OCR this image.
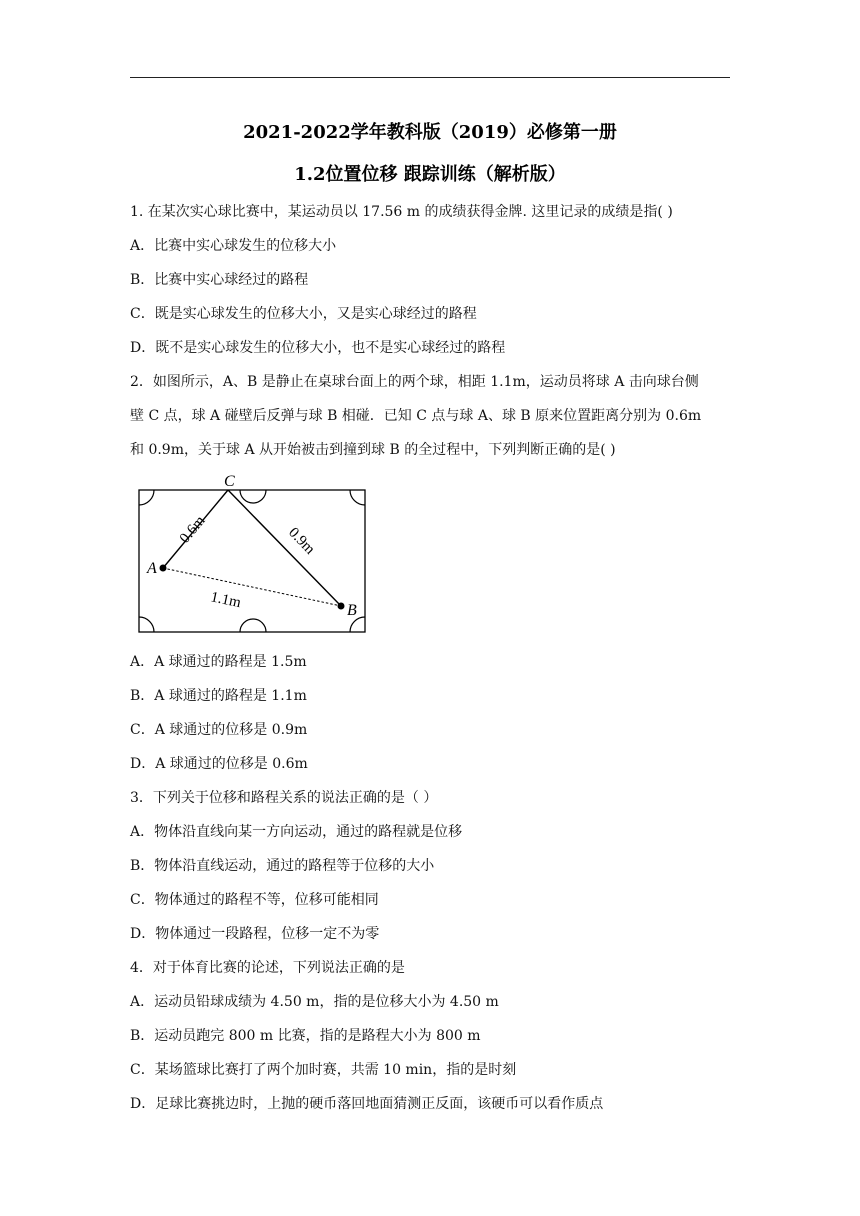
2021-2022学年教科版（2019）必修第一册
1.2位置位移 跟踪训练（解析版）
1. 在某次实心球比赛中，某运动员以 17.56 m 的成绩获得金牌. 这里记录的成绩是指( )
A．比赛中实心球发生的位移大小
B．比赛中实心球经过的路程
C．既是实心球发生的位移大小，又是实心球经过的路程
D．既不是实心球发生的位移大小，也不是实心球经过的路程
2．如图所示，A、B 是静止在桌球台面上的两个球，相距 1.1m，运动员将球 A 击向球台侧
壁 C 点，球 A 碰壁后反弹与球 B 相碰．已知 C 点与球 A、球 B 原来位置距离分别为 0.6m
和 0.9m，关于球 A 从开始被击到撞到球 B 的全过程中，下列判断正确的是( )
C
A
B
0.6m	0.9m
1.1m
A．A 球通过的路程是 1.5m
B．A 球通过的路程是 1.1m
C．A 球通过的位移是 0.9m
D．A 球通过的位移是 0.6m
3．下列关于位移和路程关系的说法正确的是（ ）
A．物体沿直线向某一方向运动，通过的路程就是位移
B．物体沿直线运动，通过的路程等于位移的大小
C．物体通过的路程不等，位移可能相同
D．物体通过一段路程，位移一定不为零
4．对于体育比赛的论述，下列说法正确的是
A．运动员铅球成绩为 4.50 m，指的是位移大小为 4.50 m
B．运动员跑完 800 m 比赛，指的是路程大小为 800 m
C．某场篮球比赛打了两个加时赛，共需 10 min，指的是时刻
D．足球比赛挑边时，上抛的硬币落回地面猜测正反面，该硬币可以看作质点
